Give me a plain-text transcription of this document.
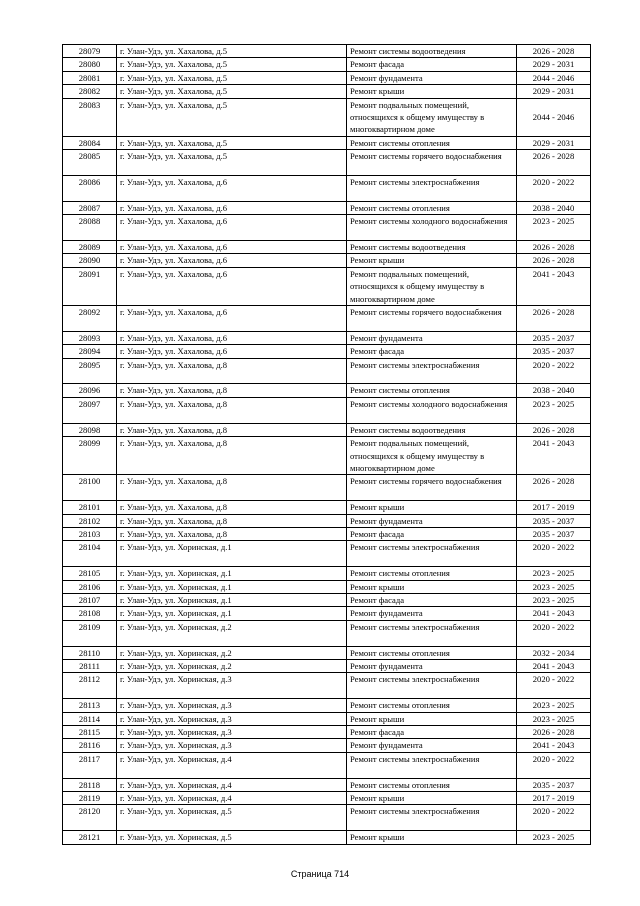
28079	г. Улан-Удэ, ул. Хахалова, д.5	Ремонт системы водоотведения	2026 - 2028
28080	г. Улан-Удэ, ул. Хахалова, д.5	Ремонт фасада	2029 - 2031
28081	г. Улан-Удэ, ул. Хахалова, д.5	Ремонт фундамента	2044 - 2046
28082	г. Улан-Удэ, ул. Хахалова, д.5	Ремонт крыши	2029 - 2031
28083	г. Улан-Удэ, ул. Хахалова, д.5	Ремонт подвальных помещений, относящихся к общему имуществу в многоквартирном доме	2044 - 2046
28084	г. Улан-Удэ, ул. Хахалова, д.5	Ремонт системы отопления	2029 - 2031
28085	г. Улан-Удэ, ул. Хахалова, д.5	Ремонт системы горячего водоснабжения	2026 - 2028
28086	г. Улан-Удэ, ул. Хахалова, д.6	Ремонт системы электроснабжения	2020 - 2022
28087	г. Улан-Удэ, ул. Хахалова, д.6	Ремонт системы отопления	2038 - 2040
28088	г. Улан-Удэ, ул. Хахалова, д.6	Ремонт системы холодного водоснабжения	2023 - 2025
28089	г. Улан-Удэ, ул. Хахалова, д.6	Ремонт системы водоотведения	2026 - 2028
28090	г. Улан-Удэ, ул. Хахалова, д.6	Ремонт крыши	2026 - 2028
28091	г. Улан-Удэ, ул. Хахалова, д.6	Ремонт подвальных помещений, относящихся к общему имуществу в многоквартирном доме	2041 - 2043
28092	г. Улан-Удэ, ул. Хахалова, д.6	Ремонт системы горячего водоснабжения	2026 - 2028
28093	г. Улан-Удэ, ул. Хахалова, д.6	Ремонт фундамента	2035 - 2037
28094	г. Улан-Удэ, ул. Хахалова, д.6	Ремонт фасада	2035 - 2037
28095	г. Улан-Удэ, ул. Хахалова, д.8	Ремонт системы электроснабжения	2020 - 2022
28096	г. Улан-Удэ, ул. Хахалова, д.8	Ремонт системы отопления	2038 - 2040
28097	г. Улан-Удэ, ул. Хахалова, д.8	Ремонт системы холодного водоснабжения	2023 - 2025
28098	г. Улан-Удэ, ул. Хахалова, д.8	Ремонт системы водоотведения	2026 - 2028
28099	г. Улан-Удэ, ул. Хахалова, д.8	Ремонт подвальных помещений, относящихся к общему имуществу в многоквартирном доме	2041 - 2043
28100	г. Улан-Удэ, ул. Хахалова, д.8	Ремонт системы горячего водоснабжения	2026 - 2028
28101	г. Улан-Удэ, ул. Хахалова, д.8	Ремонт крыши	2017 - 2019
28102	г. Улан-Удэ, ул. Хахалова, д.8	Ремонт фундамента	2035 - 2037
28103	г. Улан-Удэ, ул. Хахалова, д.8	Ремонт фасада	2035 - 2037
28104	г. Улан-Удэ, ул. Хоринская, д.1	Ремонт системы электроснабжения	2020 - 2022
28105	г. Улан-Удэ, ул. Хоринская, д.1	Ремонт системы отопления	2023 - 2025
28106	г. Улан-Удэ, ул. Хоринская, д.1	Ремонт крыши	2023 - 2025
28107	г. Улан-Удэ, ул. Хоринская, д.1	Ремонт фасада	2023 - 2025
28108	г. Улан-Удэ, ул. Хоринская, д.1	Ремонт фундамента	2041 - 2043
28109	г. Улан-Удэ, ул. Хоринская, д.2	Ремонт системы электроснабжения	2020 - 2022
28110	г. Улан-Удэ, ул. Хоринская, д.2	Ремонт системы отопления	2032 - 2034
28111	г. Улан-Удэ, ул. Хоринская, д.2	Ремонт фундамента	2041 - 2043
28112	г. Улан-Удэ, ул. Хоринская, д.3	Ремонт системы электроснабжения	2020 - 2022
28113	г. Улан-Удэ, ул. Хоринская, д.3	Ремонт системы отопления	2023 - 2025
28114	г. Улан-Удэ, ул. Хоринская, д.3	Ремонт крыши	2023 - 2025
28115	г. Улан-Удэ, ул. Хоринская, д.3	Ремонт фасада	2026 - 2028
28116	г. Улан-Удэ, ул. Хоринская, д.3	Ремонт фундамента	2041 - 2043
28117	г. Улан-Удэ, ул. Хоринская, д.4	Ремонт системы электроснабжения	2020 - 2022
28118	г. Улан-Удэ, ул. Хоринская, д.4	Ремонт системы отопления	2035 - 2037
28119	г. Улан-Удэ, ул. Хоринская, д.4	Ремонт крыши	2017 - 2019
28120	г. Улан-Удэ, ул. Хоринская, д.5	Ремонт системы электроснабжения	2020 - 2022
28121	г. Улан-Удэ, ул. Хоринская, д.5	Ремонт крыши	2023 - 2025
Страница 714
